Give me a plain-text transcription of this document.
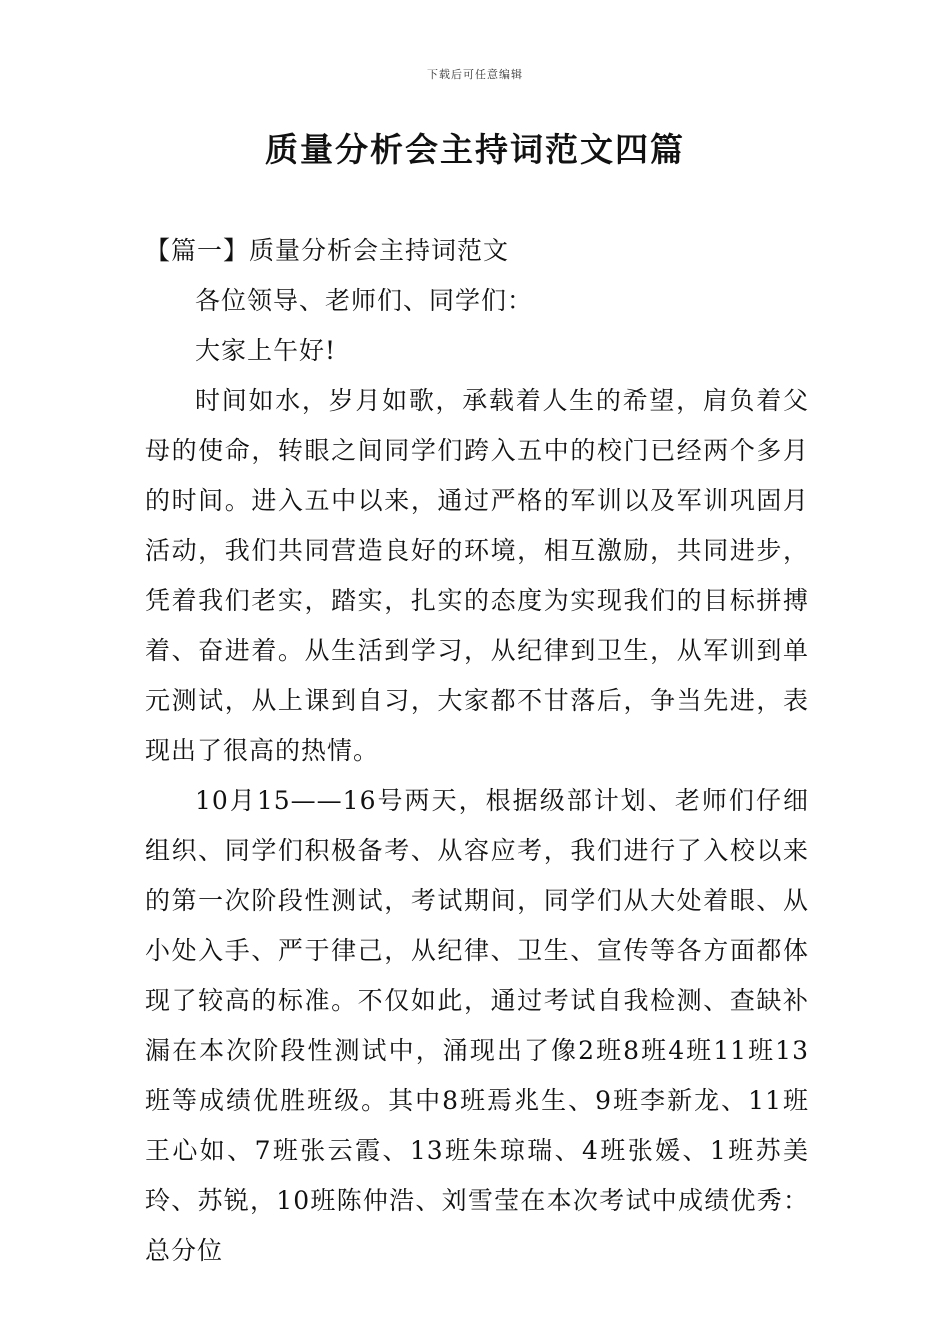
下载后可任意编辑
质量分析会主持词范文四篇
【篇一】质量分析会主持词范文

各位领导、老师们、同学们：

大家上午好!

时间如水，岁月如歌，承载着人生的希望，肩负着父母的使命，转眼之间同学们跨入五中的校门已经两个多月的时间。进入五中以来，通过严格的军训以及军训巩固月活动，我们共同营造良好的环境，相互激励，共同进步，凭着我们老实，踏实，扎实的态度为实现我们的目标拼搏着、奋进着。从生活到学习，从纪律到卫生，从军训到单元测试，从上课到自习，大家都不甘落后，争当先进，表现出了很高的热情。

10月15——16号两天，根据级部计划、老师们仔细组织、同学们积极备考、从容应考，我们进行了入校以来的第一次阶段性测试，考试期间，同学们从大处着眼、从小处入手、严于律己，从纪律、卫生、宣传等各方面都体现了较高的标准。不仅如此，通过考试自我检测、查缺补漏在本次阶段性测试中，涌现出了像2班8班4班11班13班等成绩优胜班级。其中8班焉兆生、9班李新龙、11班王心如、7班张云霞、13班朱琼瑞、4班张媛、1班苏美玲、苏锐，10班陈仲浩、刘雪莹在本次考试中成绩优秀：总分位
